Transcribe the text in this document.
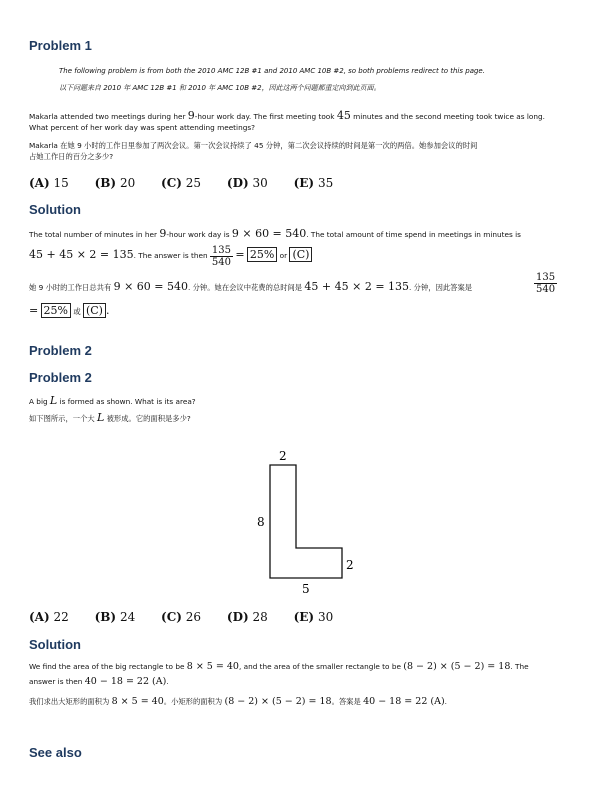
Problem 1
The following problem is from both the 2010 AMC 12B #1 and 2010 AMC 10B #2, so both problems redirect to this page.
以下问题来自 2010 年 AMC 12B #1 和 2010 年 AMC 10B #2，因此这两个问题都重定向到此页面。
Makarla attended two meetings during her 9-hour work day. The first meeting took 45 minutes and the second meeting took twice as long.
What percent of her work day was spent attending meetings?
Makarla 在她 9 小时的工作日里参加了两次会议。第一次会议持续了 45 分钟，第二次会议持续的时间是第一次的两倍。她参加会议的时间
占她工作日的百分之多少?
(A) 15 (B) 20 (C) 25 (D) 30 (E) 35
Solution
The total number of minutes in her 9-hour work day is 9 × 60 = 540. The total amount of time spend in meetings in minutes is
45 + 45 × 2 = 135. The answer is then $\frac{135}{540} = 25\%$ or (C)
她 9 小时的工作日总共有 9 × 60 = 540. 分钟。她在会议中花费的总时间是 45 + 45 × 2 = 135. 分钟，因此答案是	$\frac{135}{540}$
= 25% 或 (C) .
Problem 2
Problem 2
A big L is formed as shown. What is its area?
如下图所示，一个大 L 被形成。它的面积是多少?
2
8
2
5
(A) 22 (B) 24 (C) 26 (D) 28 (E) 30
Solution
We find the area of the big rectangle to be 8 × 5 = 40, and the area of the smaller rectangle to be (8 − 2) × (5 − 2) = 18. The
answer is then 40 − 18 = 22 (A).
我们求出大矩形的面积为 8 × 5 = 40。小矩形的面积为 (8 − 2) × (5 − 2) = 18。答案是 40 − 18 = 22 (A).
See also
